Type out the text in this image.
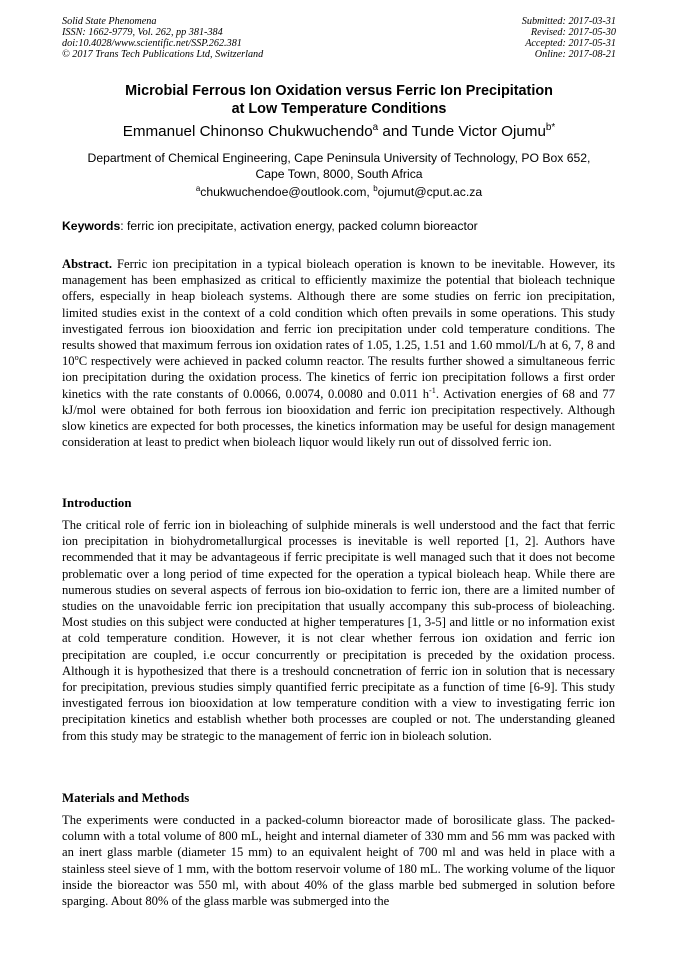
Solid State Phenomena
ISSN: 1662-9779, Vol. 262, pp 381-384
doi:10.4028/www.scientific.net/SSP.262.381
© 2017 Trans Tech Publications Ltd, Switzerland
Submitted: 2017-03-31
Revised: 2017-05-30
Accepted: 2017-05-31
Online: 2017-08-21
Microbial Ferrous Ion Oxidation versus Ferric Ion Precipitation
at Low Temperature Conditions
Emmanuel Chinonso Chukwuchendo$^a$ and Tunde Victor Ojumu$^{b*}$
Department of Chemical Engineering, Cape Peninsula University of Technology, PO Box 652,
Cape Town, 8000, South Africa
$^a$chukwuchendoe@outlook.com, $^b$ojumut@cput.ac.za
Keywords: ferric ion precipitate, activation energy, packed column bioreactor
Abstract. Ferric ion precipitation in a typical bioleach operation is known to be inevitable. However, its management has been emphasized as critical to efficiently maximize the potential that bioleach technique offers, especially in heap bioleach systems. Although there are some studies on ferric ion precipitation, limited studies exist in the context of a cold condition which often prevails in some operations. This study investigated ferrous ion biooxidation and ferric ion precipitation under cold temperature conditions. The results showed that maximum ferrous ion oxidation rates of 1.05, 1.25, 1.51 and 1.60 mmol/L/h at 6, 7, 8 and 10$^o$C respectively were achieved in packed column reactor. The results further showed a simultaneous ferric ion precipitation during the oxidation process. The kinetics of ferric ion precipitation follows a first order kinetics with the rate constants of 0.0066, 0.0074, 0.0080 and 0.011 $h^{-1}$. Activation energies of 68 and 77 kJ/mol were obtained for both ferrous ion biooxidation and ferric ion precipitation respectively. Although slow kinetics are expected for both processes, the kinetics information may be useful for design management consideration at least to predict when bioleach liquor would likely run out of dissolved ferric ion.
Introduction
The critical role of ferric ion in bioleaching of sulphide minerals is well understood and the fact that ferric ion precipitation in biohydrometallurgical processes is inevitable is well reported [1, 2]. Authors have recommended that it may be advantageous if ferric precipitate is well managed such that it does not become problematic over a long period of time expected for the operation a typical bioleach heap. While there are numerous studies on several aspects of ferrous ion bio-oxidation to ferric ion, there are a limited number of studies on the unavoidable ferric ion precipitation that usually accompany this sub-process of bioleaching. Most studies on this subject were conducted at higher temperatures [1, 3-5] and little or no information exist at cold temperature condition. However, it is not clear whether ferrous ion oxidation and ferric ion precipitation are coupled, i.e occur concurrently or precipitation is preceded by the oxidation process. Although it is hypothesized that there is a treshould concnetration of ferric ion in solution that is necessary for precipitation, previous studies simply quantified ferric precipitate as a function of time [6-9]. This study investigated ferrous ion biooxidation at low temperature condition with a view to investigating ferric ion precipitation kinetics and establish whether both processes are coupled or not. The understanding gleaned from this study may be strategic to the management of ferric ion in bioleach solution.
Materials and Methods
The experiments were conducted in a packed-column bioreactor made of borosilicate glass. The packed-column with a total volume of 800 mL, height and internal diameter of 330 mm and 56 mm was packed with an inert glass marble (diameter 15 mm) to an equivalent height of 700 ml and was held in place with a stainless steel sieve of 1 mm, with the bottom reservoir volume of 180 mL. The working volume of the liquor inside the bioreactor was 550 ml, with about 40% of the glass marble bed submerged in solution before sparging. About 80% of the glass marble was submerged into the
